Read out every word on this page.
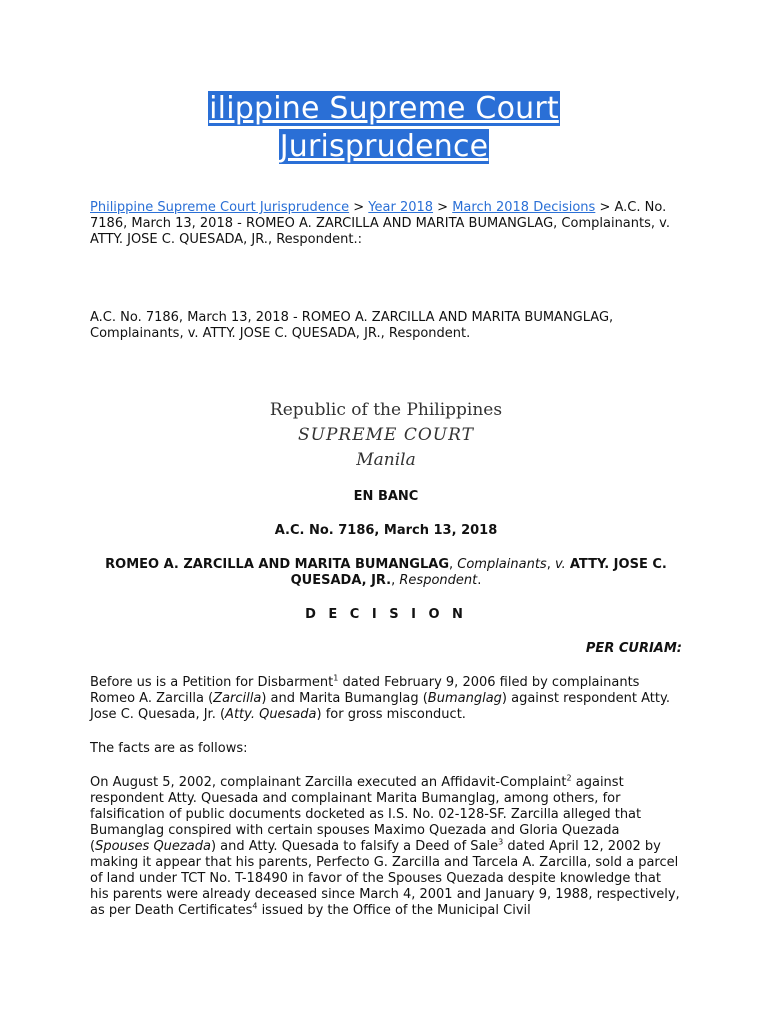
ilippine Supreme Court
Jurisprudence

Philippine Supreme Court Jurisprudence > Year 2018 > March 2018 Decisions > A.C. No. 7186, March 13, 2018 - ROMEO A. ZARCILLA AND MARITA BUMANGLAG, Complainants, v. ATTY. JOSE C. QUESADA, JR., Respondent.:

A.C. No. 7186, March 13, 2018 - ROMEO A. ZARCILLA AND MARITA BUMANGLAG, Complainants, v. ATTY. JOSE C. QUESADA, JR., Respondent.

Republic of the Philippines
SUPREME COURT
Manila

EN BANC

A.C. No. 7186, March 13, 2018

ROMEO A. ZARCILLA AND MARITA BUMANGLAG, Complainants, v. ATTY. JOSE C. QUESADA, JR., Respondent.

D E C I S I O N

PER CURIAM:

Before us is a Petition for Disbarment$^1$ dated February 9, 2006 filed by complainants Romeo A. Zarcilla (Zarcilla) and Marita Bumanglag (Bumanglag) against respondent Atty. Jose C. Quesada, Jr. (Atty. Quesada) for gross misconduct.

The facts are as follows:

On August 5, 2002, complainant Zarcilla executed an Affidavit-Complaint$^2$ against respondent Atty. Quesada and complainant Marita Bumanglag, among others, for falsification of public documents docketed as I.S. No. 02-128-SF. Zarcilla alleged that Bumanglag conspired with certain spouses Maximo Quezada and Gloria Quezada (Spouses Quezada) and Atty. Quesada to falsify a Deed of Sale$^3$ dated April 12, 2002 by making it appear that his parents, Perfecto G. Zarcilla and Tarcela A. Zarcilla, sold a parcel of land under TCT No. T-18490 in favor of the Spouses Quezada despite knowledge that his parents were already deceased since March 4, 2001 and January 9, 1988, respectively, as per Death Certificates$^4$ issued by the Office of the Municipal Civil
